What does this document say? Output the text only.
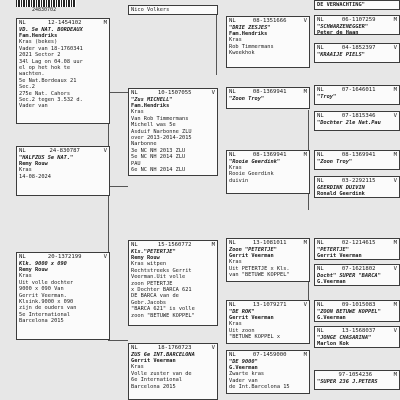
24830702
NL	12-1454102	M
VD. 5e NAT. BORDEAUX
Fam.Hendriks
Kras (bekes)
Vader van 18-1760341
2021 Sector 2
34l Lag on 04.08 uur
el op het hok te
wachten.
5e Nat.Bordeaux 21
Sec.2
275e Nat. Cahors
Sec.2 tegen 3.532 d.
Vader van
NL	24-830787	V
"HALFZUS 5e NAT."
Remy Rouw
Kras
14-08-2024
NL	20-1372199	V
Klk. 9000 x 090
Remy Rouw
Kras
Uit volle dochter
9000 x 090 Van
Gerrit Veerman.
Klsink.9000 x 090
zijn de ouders van
5e International
Barcelona 2015
Nico Volkers
NL	10-1507055	V
"Zus MICHELL"
Fam.Hendriks
Kras
Van Rob Timmermans
Michell was 5e
Asduif Narbonne ZLU
over 2013-2014-2015
Narbonne
3e NC NH 2013 ZLU
5e NC NH 2014 ZLU
PAU
6e NC NH 2014 ZLU
NL	15-1560772	M
Kls."PETERTJE"
Remy Rouw
Kras witpen
Rechtstreeks Gerrit
Veerman.Uit volle
zoon PETERTJE
x Dochter BARCA 621
DE BARCA van de
Gebr.Jacobs
"BARCA 621" is volle
zoon "BETUWE KOPPEL"
NL	18-1760723	V
ZUS 6e INT.BARCELONA
Gerrit Veerman
Kras
Volle zuster van de
6e International
Barcelona 2015
NL	08-1351666	V
"DRIE ZESJES"
Fam.Hendriks
Kras
Rob Timmermans
Kweekhok
NL	08-1369941	M
"Zoon Troy"
NL	08-1369941	M
"Rooie Geerdink"
Kras
Rooie Geerdink
duivin
NL	13-1081011	M
Zoon "PETERTJE"
Gerrit Veerman
Kras
Uit PETERTJE x Kls.
van "BETUWE KOPPEL"
NL	13-1079271	V
"DE ROK"
Gerrit Veerman
Kras
Uit zoon
"BETUWE KOPPEL x
NL	07-1459000	M
"DE 9000"
G.Veerman
Zwarte kras
Vader van
de Int.Barcelona 15
DE VERWACHTING"
NL	06-1107259	M
"SCHWARZENEGGER"
Peter de Haan
NL	04-1852397	V
"KRAAIJE PIELS"
NL	07-1646011	M
"Troy"
NL	07-1815346	V
"Dochter 2le Nat.Pau
NL	08-1369941	M
"Zoon Troy"
NL	03-2292115	V
GEERDINK DUIVIN
Ronald Geerdink
NL	02-1214615	M
"PETERTJE"
Gerrit Veerman
NL	07-1621802	V
Docht" SUPER "BARCA"
G.Veerman
NL	09-1015083	M
"ZOON BETUWE KOPPEL"
G.Veerman
NL	13-1568037	V
"JONGE CHASARINA"
Marlon Kok
97-1054236	M
"SUPER 236 J.PETERS
